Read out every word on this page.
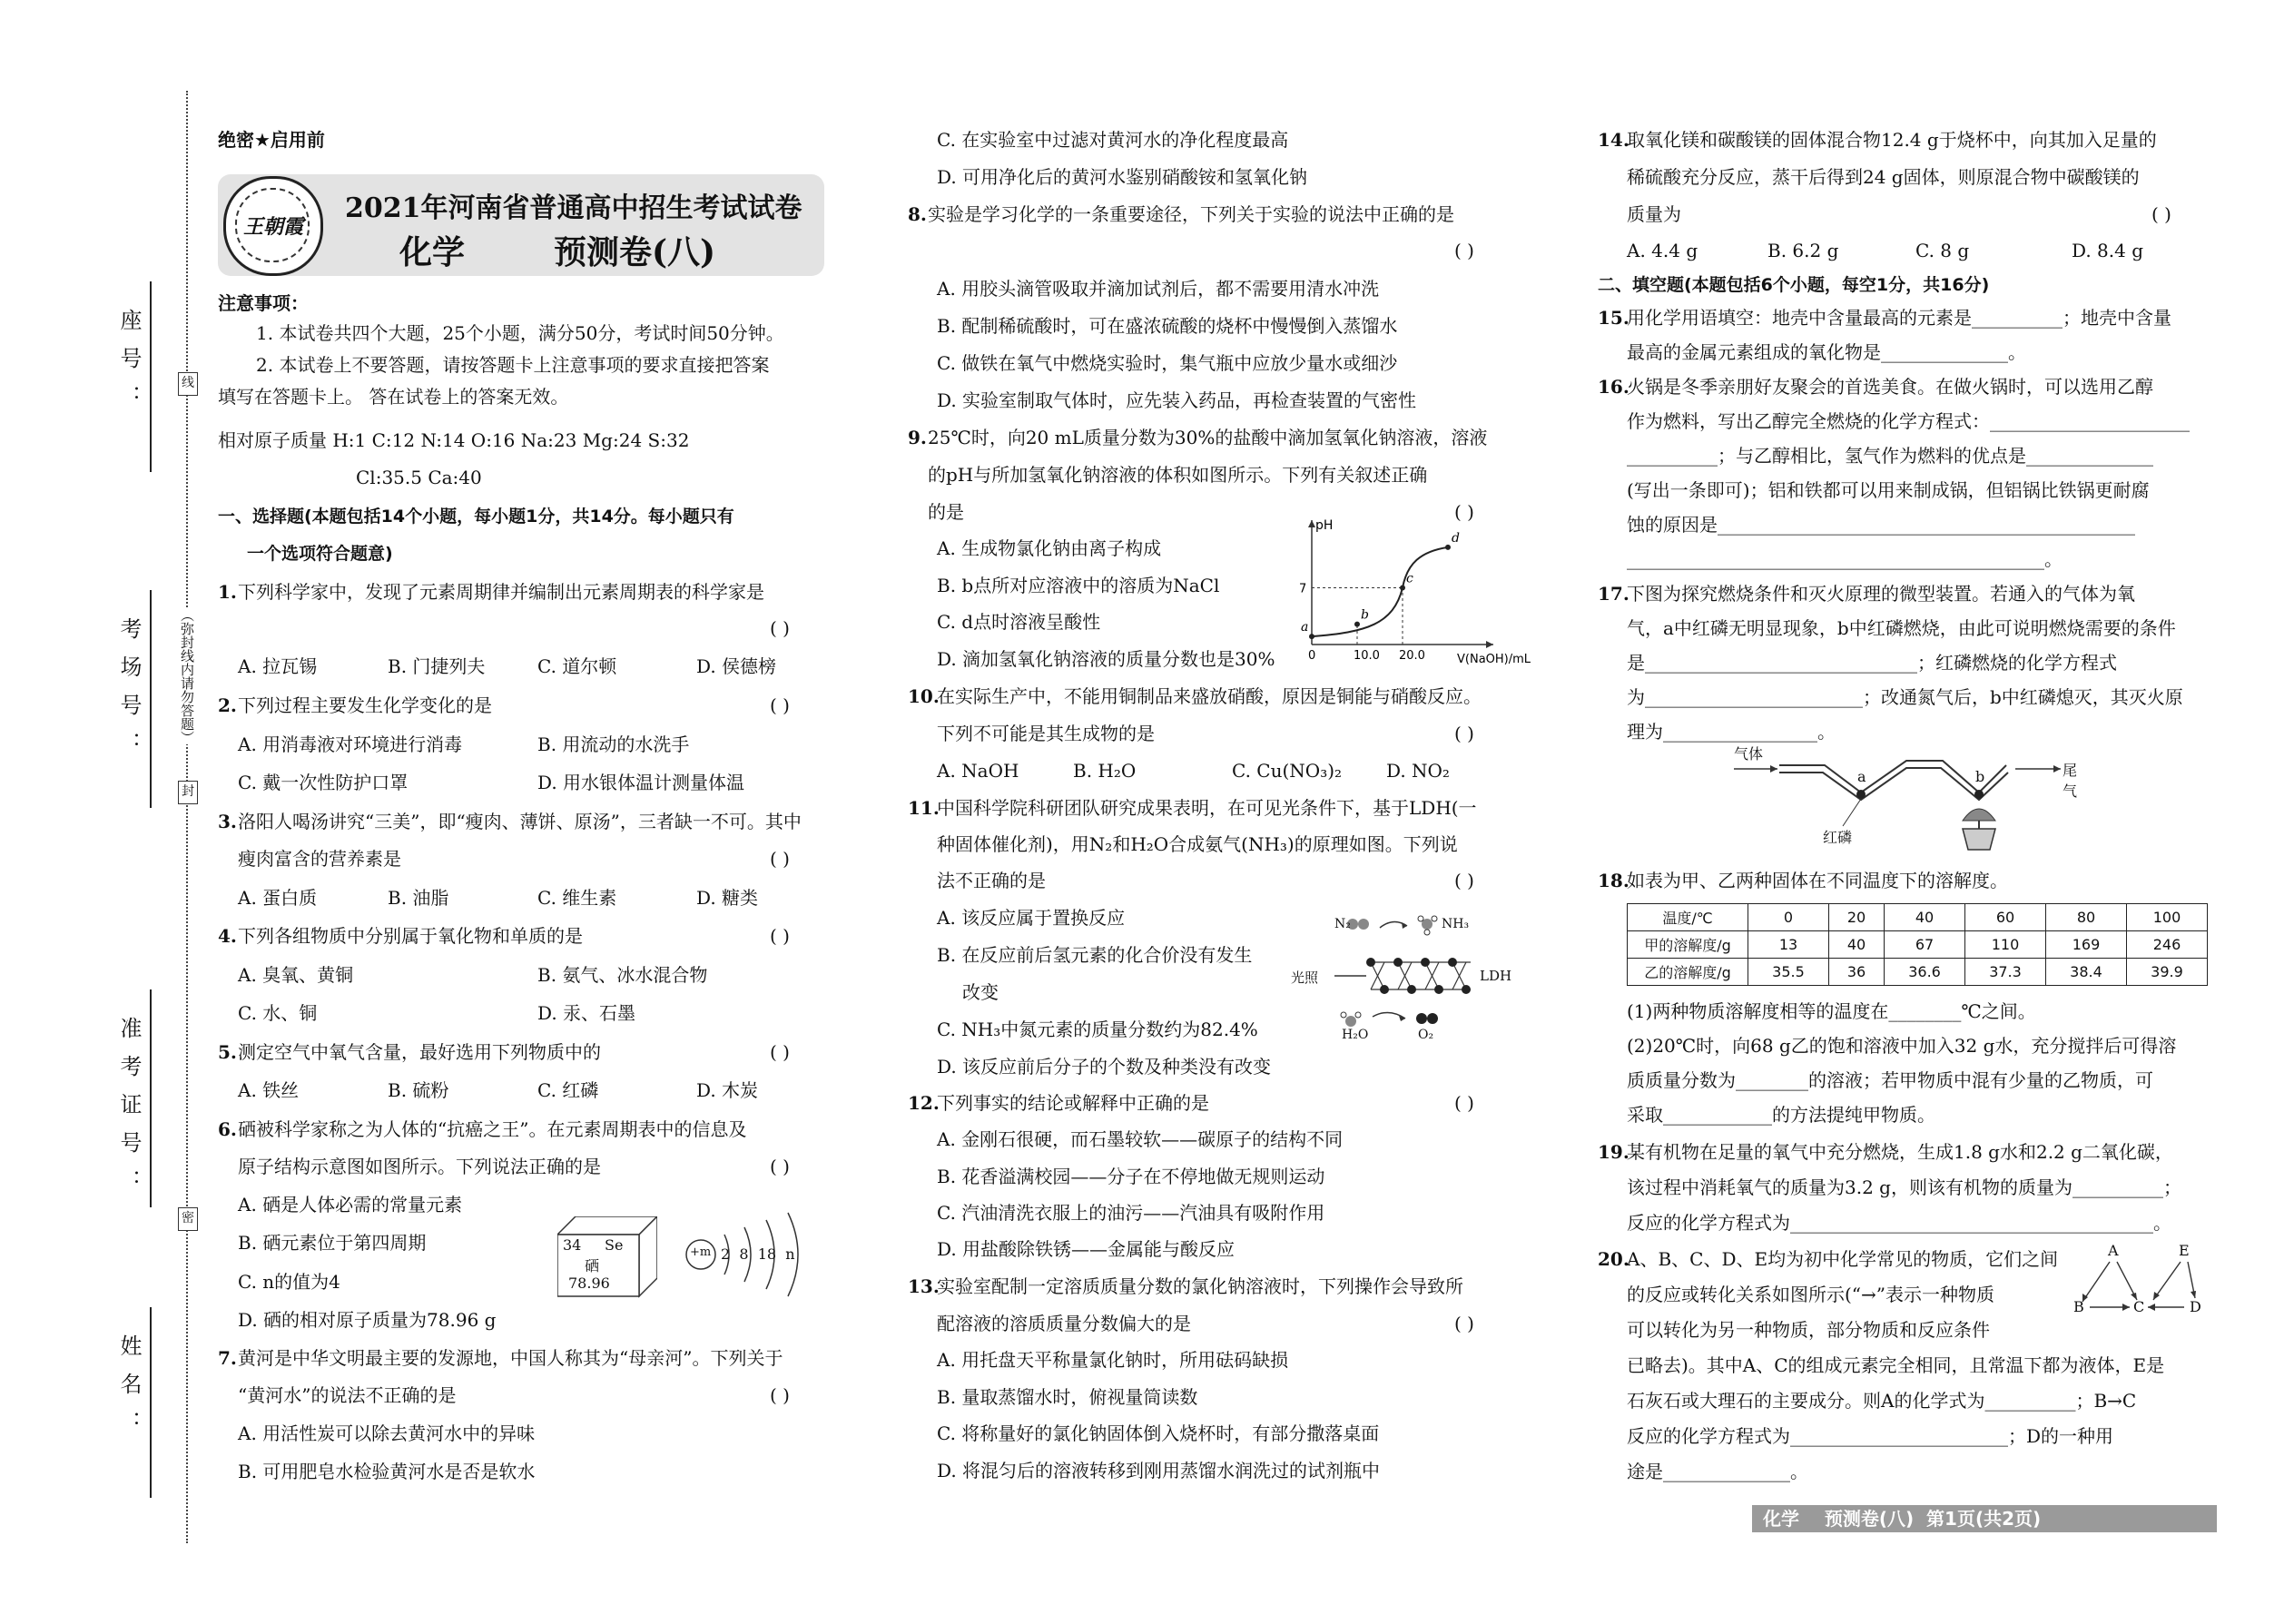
座号：
考场号：
准考证号：
姓名：
线
（弥封线内请勿答题）
封
密
绝密★启用前
王朝霞
2021年河南省普通高中招生考试试卷
化学	预测卷(八)
注意事项：
1. 本试卷共四个大题，25个小题，满分50分，考试时间50分钟。
2. 本试卷上不要答题，请按答题卡上注意事项的要求直接把答案
填写在答题卡上。 答在试卷上的答案无效。
相对原子质量 H:1 C:12 N:14 O:16 Na:23 Mg:24 S:32
Cl:35.5 Ca:40
一、选择题(本题包括14个小题，每小题1分，共14分。每小题只有
一个选项符合题意)
1. 下列科学家中，发现了元素周期律并编制出元素周期表的科学家是
( )
A. 拉瓦锡	B. 门捷列夫	C. 道尔顿	D. 侯德榜
2. 下列过程主要发生化学变化的是	( )
A. 用消毒液对环境进行消毒	B. 用流动的水洗手
C. 戴一次性防护口罩	D. 用水银体温计测量体温
3. 洛阳人喝汤讲究“三美”，即“瘦肉、薄饼、原汤”，三者缺一不可。其中
瘦肉富含的营养素是	( )
A. 蛋白质	B. 油脂	C. 维生素	D. 糖类
4. 下列各组物质中分别属于氧化物和单质的是	( )
A. 臭氧、黄铜	B. 氨气、冰水混合物
C. 水、铜	D. 汞、石墨
5. 测定空气中氧气含量，最好选用下列物质中的	( )
A. 铁丝	B. 硫粉	C. 红磷	D. 木炭
6. 硒被科学家称之为人体的“抗癌之王”。在元素周期表中的信息及
原子结构示意图如图所示。下列说法正确的是	( )
A. 硒是人体必需的常量元素
B. 硒元素位于第四周期
C. n的值为4
D. 硒的相对原子质量为78.96 g
34 Se
硒
78.96
+m 2  8  18  n
7. 黄河是中华文明最主要的发源地，中国人称其为“母亲河”。下列关于
“黄河水”的说法不正确的是	( )
A. 用活性炭可以除去黄河水中的异味
B. 可用肥皂水检验黄河水是否是软水
C. 在实验室中过滤对黄河水的净化程度最高
D. 可用净化后的黄河水鉴别硝酸铵和氢氧化钠
8. 实验是学习化学的一条重要途径，下列关于实验的说法中正确的是
( )
A. 用胶头滴管吸取并滴加试剂后，都不需要用清水冲洗
B. 配制稀硫酸时，可在盛浓硫酸的烧杯中慢慢倒入蒸馏水
C. 做铁在氧气中燃烧实验时，集气瓶中应放少量水或细沙
D. 实验室制取气体时，应先装入药品，再检查装置的气密性
9. 25℃时，向20 mL质量分数为30%的盐酸中滴加氢氧化钠溶液，溶液
的pH与所加氢氧化钠溶液的体积如图所示。下列有关叙述正确
的是	( )
A. 生成物氯化钠由离子构成
B. b点所对应溶液中的溶质为NaCl
C. d点时溶液呈酸性
D. 滴加氢氧化钠溶液的质量分数也是30%
pH
V(NaOH)/mL
0	10.0 20.0
7
a
b
c
d
10.
在实际生产中，不能用铜制品来盛放硝酸，原因是铜能与硝酸反应。
下列不可能是其生成物的是	( )
A. NaOH	B. H₂O	C. Cu(NO₃)₂ D. NO₂
11.
中国科学院科研团队研究成果表明，在可见光条件下，基于LDH(一
种固体催化剂)，用N₂和H₂O合成氨气(NH₃)的原理如图。下列说
法不正确的是	( )
A. 该反应属于置换反应
B. 在反应前后氢元素的化合价没有发生
改变
C. NH₃中氮元素的质量分数约为82.4%
D. 该反应前后分子的个数及种类没有改变
N₂	NH₃
光照	LDH
H₂O	O₂
12.
下列事实的结论或解释中正确的是	( )
A. 金刚石很硬，而石墨较软——碳原子的结构不同
B. 花香溢满校园——分子在不停地做无规则运动
C. 汽油清洗衣服上的油污——汽油具有吸附作用
D. 用盐酸除铁锈——金属能与酸反应
13.
实验室配制一定溶质质量分数的氯化钠溶液时，下列操作会导致所
配溶液的溶质质量分数偏大的是	( )
A. 用托盘天平称量氯化钠时，所用砝码缺损
B. 量取蒸馏水时，俯视量筒读数
C. 将称量好的氯化钠固体倒入烧杯时，有部分撒落桌面
D. 将混匀后的溶液转移到刚用蒸馏水润洗过的试剂瓶中
14.
取氧化镁和碳酸镁的固体混合物12.4 g于烧杯中，向其加入足量的
稀硫酸充分反应，蒸干后得到24 g固体，则原混合物中碳酸镁的
质量为	( )
A. 4.4 g	B. 6.2 g	C. 8 g	D. 8.4 g
二、填空题(本题包括6个小题，每空1分，共16分)
15.
用化学用语填空：地壳中含量最高的元素是__________；地壳中含量
最高的金属元素组成的氧化物是______________。
16.
火锅是冬季亲朋好友聚会的首选美食。在做火锅时，可以选用乙醇
作为燃料，写出乙醇完全燃烧的化学方程式：______________________
__________；与乙醇相比，氢气作为燃料的优点是______________
(写出一条即可)；铝和铁都可以用来制成锅，但铝锅比铁锅更耐腐
蚀的原因是______________________________________________
______________________________________________。
17.
下图为探究燃烧条件和灭火原理的微型装置。若通入的气体为氧
气，a中红磷无明显现象，b中红磷燃烧，由此可说明燃烧需要的条件
是______________________________；红磷燃烧的化学方程式
为________________________；改通氮气后，b中红磷熄灭，其灭火原
理为_________________。
气体
尾气
a	b
红磷
18.
如表为甲、乙两种固体在不同温度下的溶解度。
温度/℃	0	20	40	60	80	100
甲的溶解度/g	13	40	67	110	169	246
乙的溶解度/g	35.5	36	36.6	37.3	38.4	39.9
(1)两种物质溶解度相等的温度在________℃之间。
(2)20℃时，向68 g乙的饱和溶液中加入32 g水，充分搅拌后可得溶
质质量分数为________的溶液；若甲物质中混有少量的乙物质，可
采取____________的方法提纯甲物质。
19.
某有机物在足量的氧气中充分燃烧，生成1.8 g水和2.2 g二氧化碳，
该过程中消耗氧气的质量为3.2 g，则该有机物的质量为__________；
反应的化学方程式为________________________________________。
20.
A、B、C、D、E均为初中化学常见的物质，它们之间
的反应或转化关系如图所示(“→”表示一种物质
可以转化为另一种物质，部分物质和反应条件
已略去)。其中A、C的组成元素完全相同，且常温下都为液体，E是
石灰石或大理石的主要成分。则A的化学式为__________；B→C
反应的化学方程式为________________________；D的一种用
途是______________。
A	E
B	C	D
化学    预测卷(八)  第1页(共2页)
